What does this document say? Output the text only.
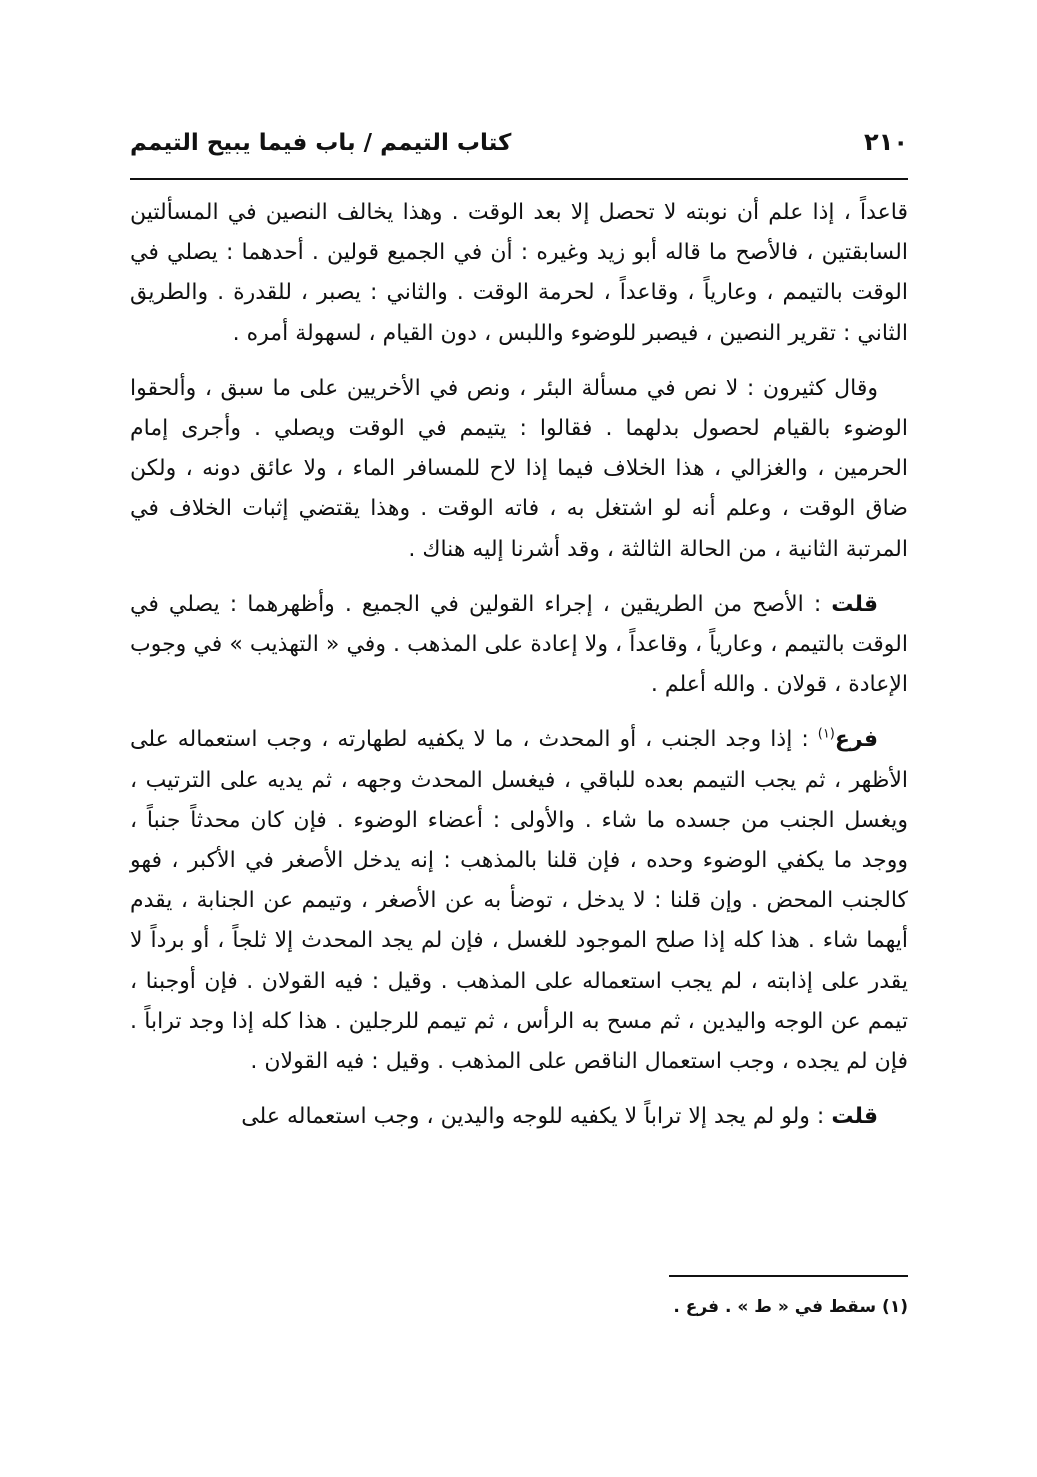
٢١٠
كتاب التيمم / باب فيما يبيح التيمم

قاعداً ، إذا علم أن نوبته لا تحصل إلا بعد الوقت . وهذا يخالف النصين في المسألتين السابقتين ، فالأصح ما قاله أبو زيد وغيره : أن في الجميع قولين . أحدهما : يصلي في الوقت بالتيمم ، وعارياً ، وقاعداً ، لحرمة الوقت . والثاني : يصبر ، للقدرة . والطريق الثاني : تقرير النصين ، فيصبر للوضوء واللبس ، دون القيام ، لسهولة أمره .

وقال كثيرون : لا نص في مسألة البئر ، ونص في الأخريين على ما سبق ، وألحقوا الوضوء بالقيام لحصول بدلهما . فقالوا : يتيمم في الوقت ويصلي . وأجرى إمام الحرمين ، والغزالي ، هذا الخلاف فيما إذا لاح للمسافر الماء ، ولا عائق دونه ، ولكن ضاق الوقت ، وعلم أنه لو اشتغل به ، فاته الوقت . وهذا يقتضي إثبات الخلاف في المرتبة الثانية ، من الحالة الثالثة ، وقد أشرنا إليه هناك .

قلت : الأصح من الطريقين ، إجراء القولين في الجميع . وأظهرهما : يصلي في الوقت بالتيمم ، وعارياً ، وقاعداً ، ولا إعادة على المذهب . وفي « التهذيب » في وجوب الإعادة ، قولان . والله أعلم .

فرع$^{(١)}$ : إذا وجد الجنب ، أو المحدث ، ما لا يكفيه لطهارته ، وجب استعماله على الأظهر ، ثم يجب التيمم بعده للباقي ، فيغسل المحدث وجهه ، ثم يديه على الترتيب ، ويغسل الجنب من جسده ما شاء . والأولى : أعضاء الوضوء . فإن كان محدثاً جنباً ، ووجد ما يكفي الوضوء وحده ، فإن قلنا بالمذهب : إنه يدخل الأصغر في الأكبر ، فهو كالجنب المحض . وإن قلنا : لا يدخل ، توضأ به عن الأصغر ، وتيمم عن الجنابة ، يقدم أيهما شاء . هذا كله إذا صلح الموجود للغسل ، فإن لم يجد المحدث إلا ثلجاً ، أو برداً لا يقدر على إذابته ، لم يجب استعماله على المذهب . وقيل : فيه القولان . فإن أوجبنا ، تيمم عن الوجه واليدين ، ثم مسح به الرأس ، ثم تيمم للرجلين . هذا كله إذا وجد تراباً . فإن لم يجده ، وجب استعمال الناقص على المذهب . وقيل : فيه القولان .

قلت : ولو لم يجد إلا تراباً لا يكفيه للوجه واليدين ، وجب استعماله على

(١) سقط في « ط » . فرع .
